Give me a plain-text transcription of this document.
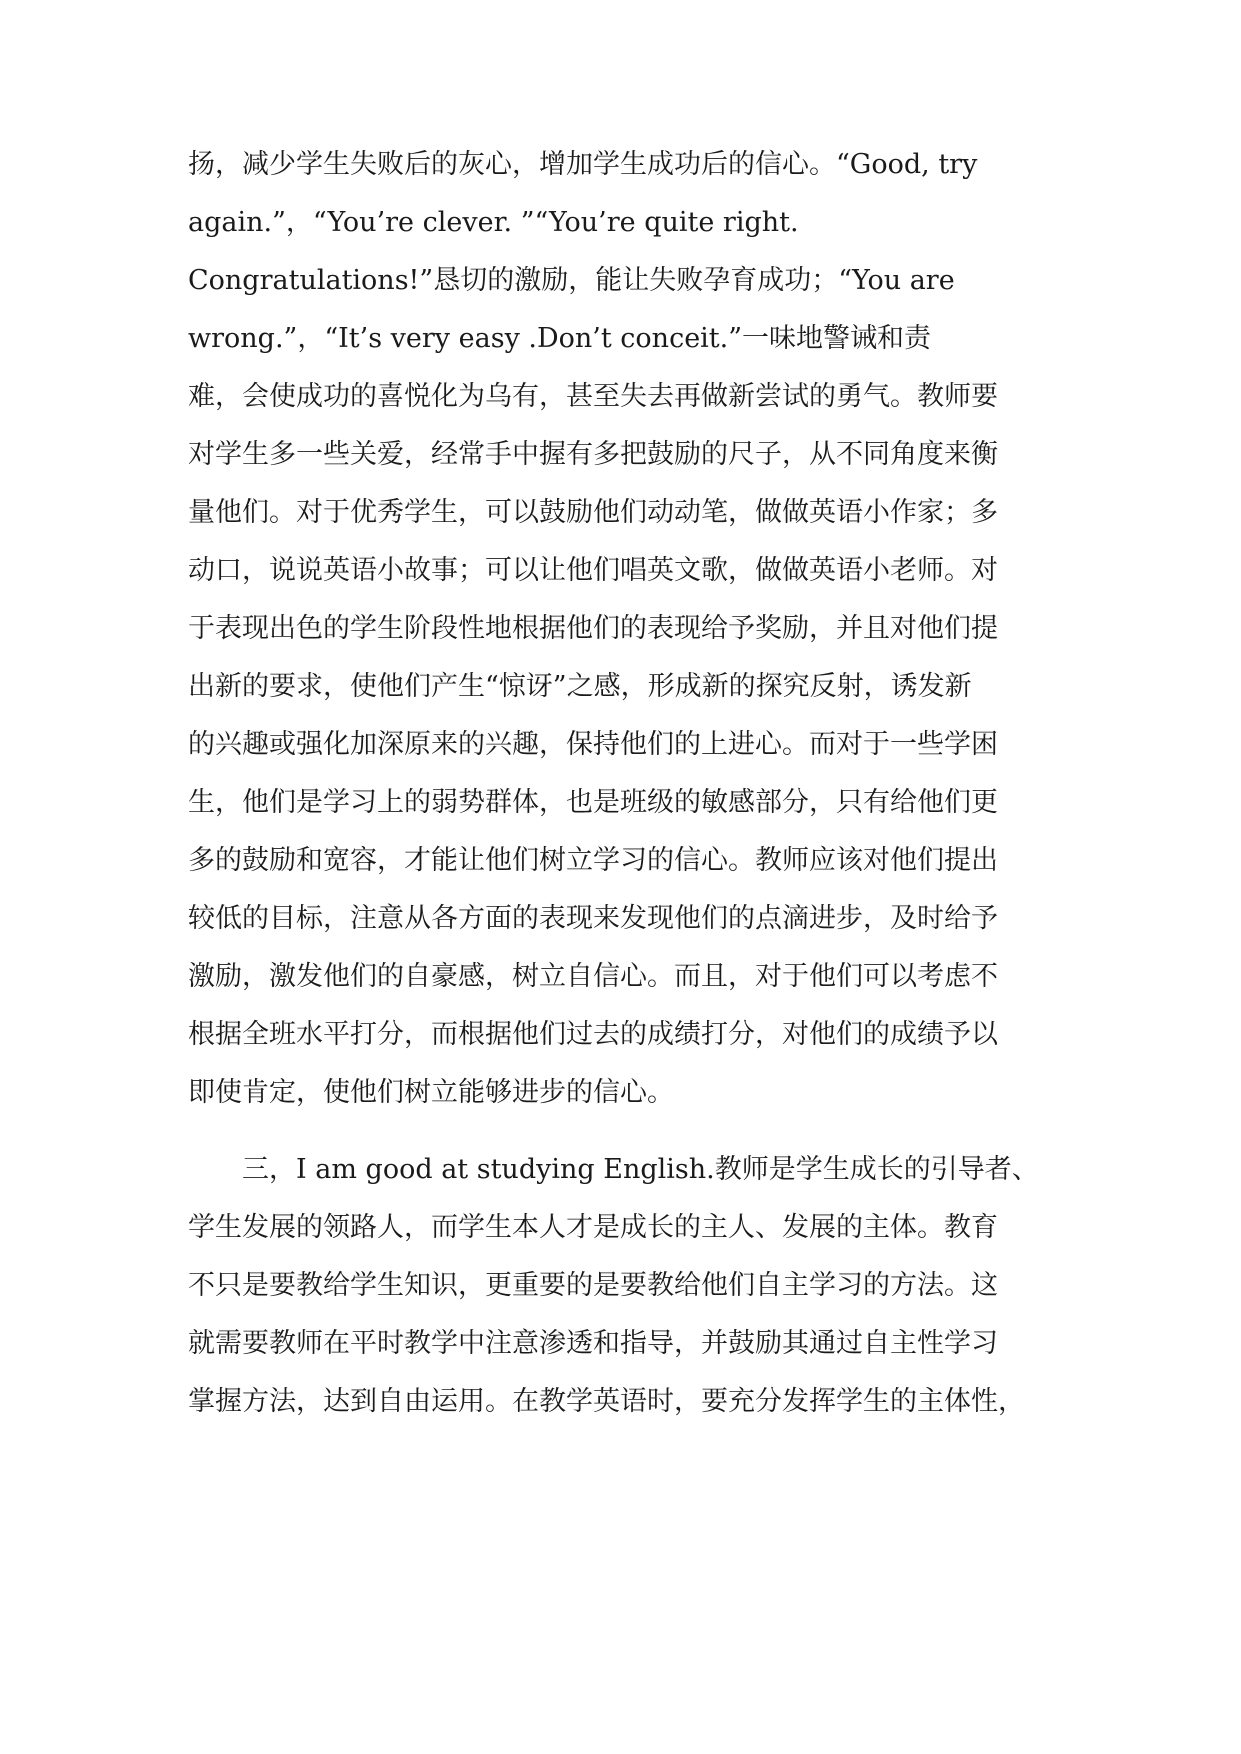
扬，减少学生失败后的灰心，增加学生成功后的信心。“Good, try
again.”，“You’re clever. ”“You’re quite right.
Congratulations!”恳切的激励，能让失败孕育成功；“You are
wrong.”，“It’s very easy .Don’t conceit.”一味地警诫和责
难，会使成功的喜悦化为乌有，甚至失去再做新尝试的勇气。教师要
对学生多一些关爱，经常手中握有多把鼓励的尺子，从不同角度来衡
量他们。对于优秀学生，可以鼓励他们动动笔，做做英语小作家；多
动口，说说英语小故事；可以让他们唱英文歌，做做英语小老师。对
于表现出色的学生阶段性地根据他们的表现给予奖励，并且对他们提
出新的要求，使他们产生“惊讶”之感，形成新的探究反射，诱发新
的兴趣或强化加深原来的兴趣，保持他们的上进心。而对于一些学困
生，他们是学习上的弱势群体，也是班级的敏感部分，只有给他们更
多的鼓励和宽容，才能让他们树立学习的信心。教师应该对他们提出
较低的目标，注意从各方面的表现来发现他们的点滴进步，及时给予
激励，激发他们的自豪感，树立自信心。而且，对于他们可以考虑不
根据全班水平打分，而根据他们过去的成绩打分，对他们的成绩予以
即使肯定，使他们树立能够进步的信心。
三，I am good at studying English.教师是学生成长的引导者、
学生发展的领路人，而学生本人才是成长的主人、发展的主体。教育
不只是要教给学生知识，更重要的是要教给他们自主学习的方法。这
就需要教师在平时教学中注意渗透和指导，并鼓励其通过自主性学习
掌握方法，达到自由运用。在教学英语时，要充分发挥学生的主体性，
